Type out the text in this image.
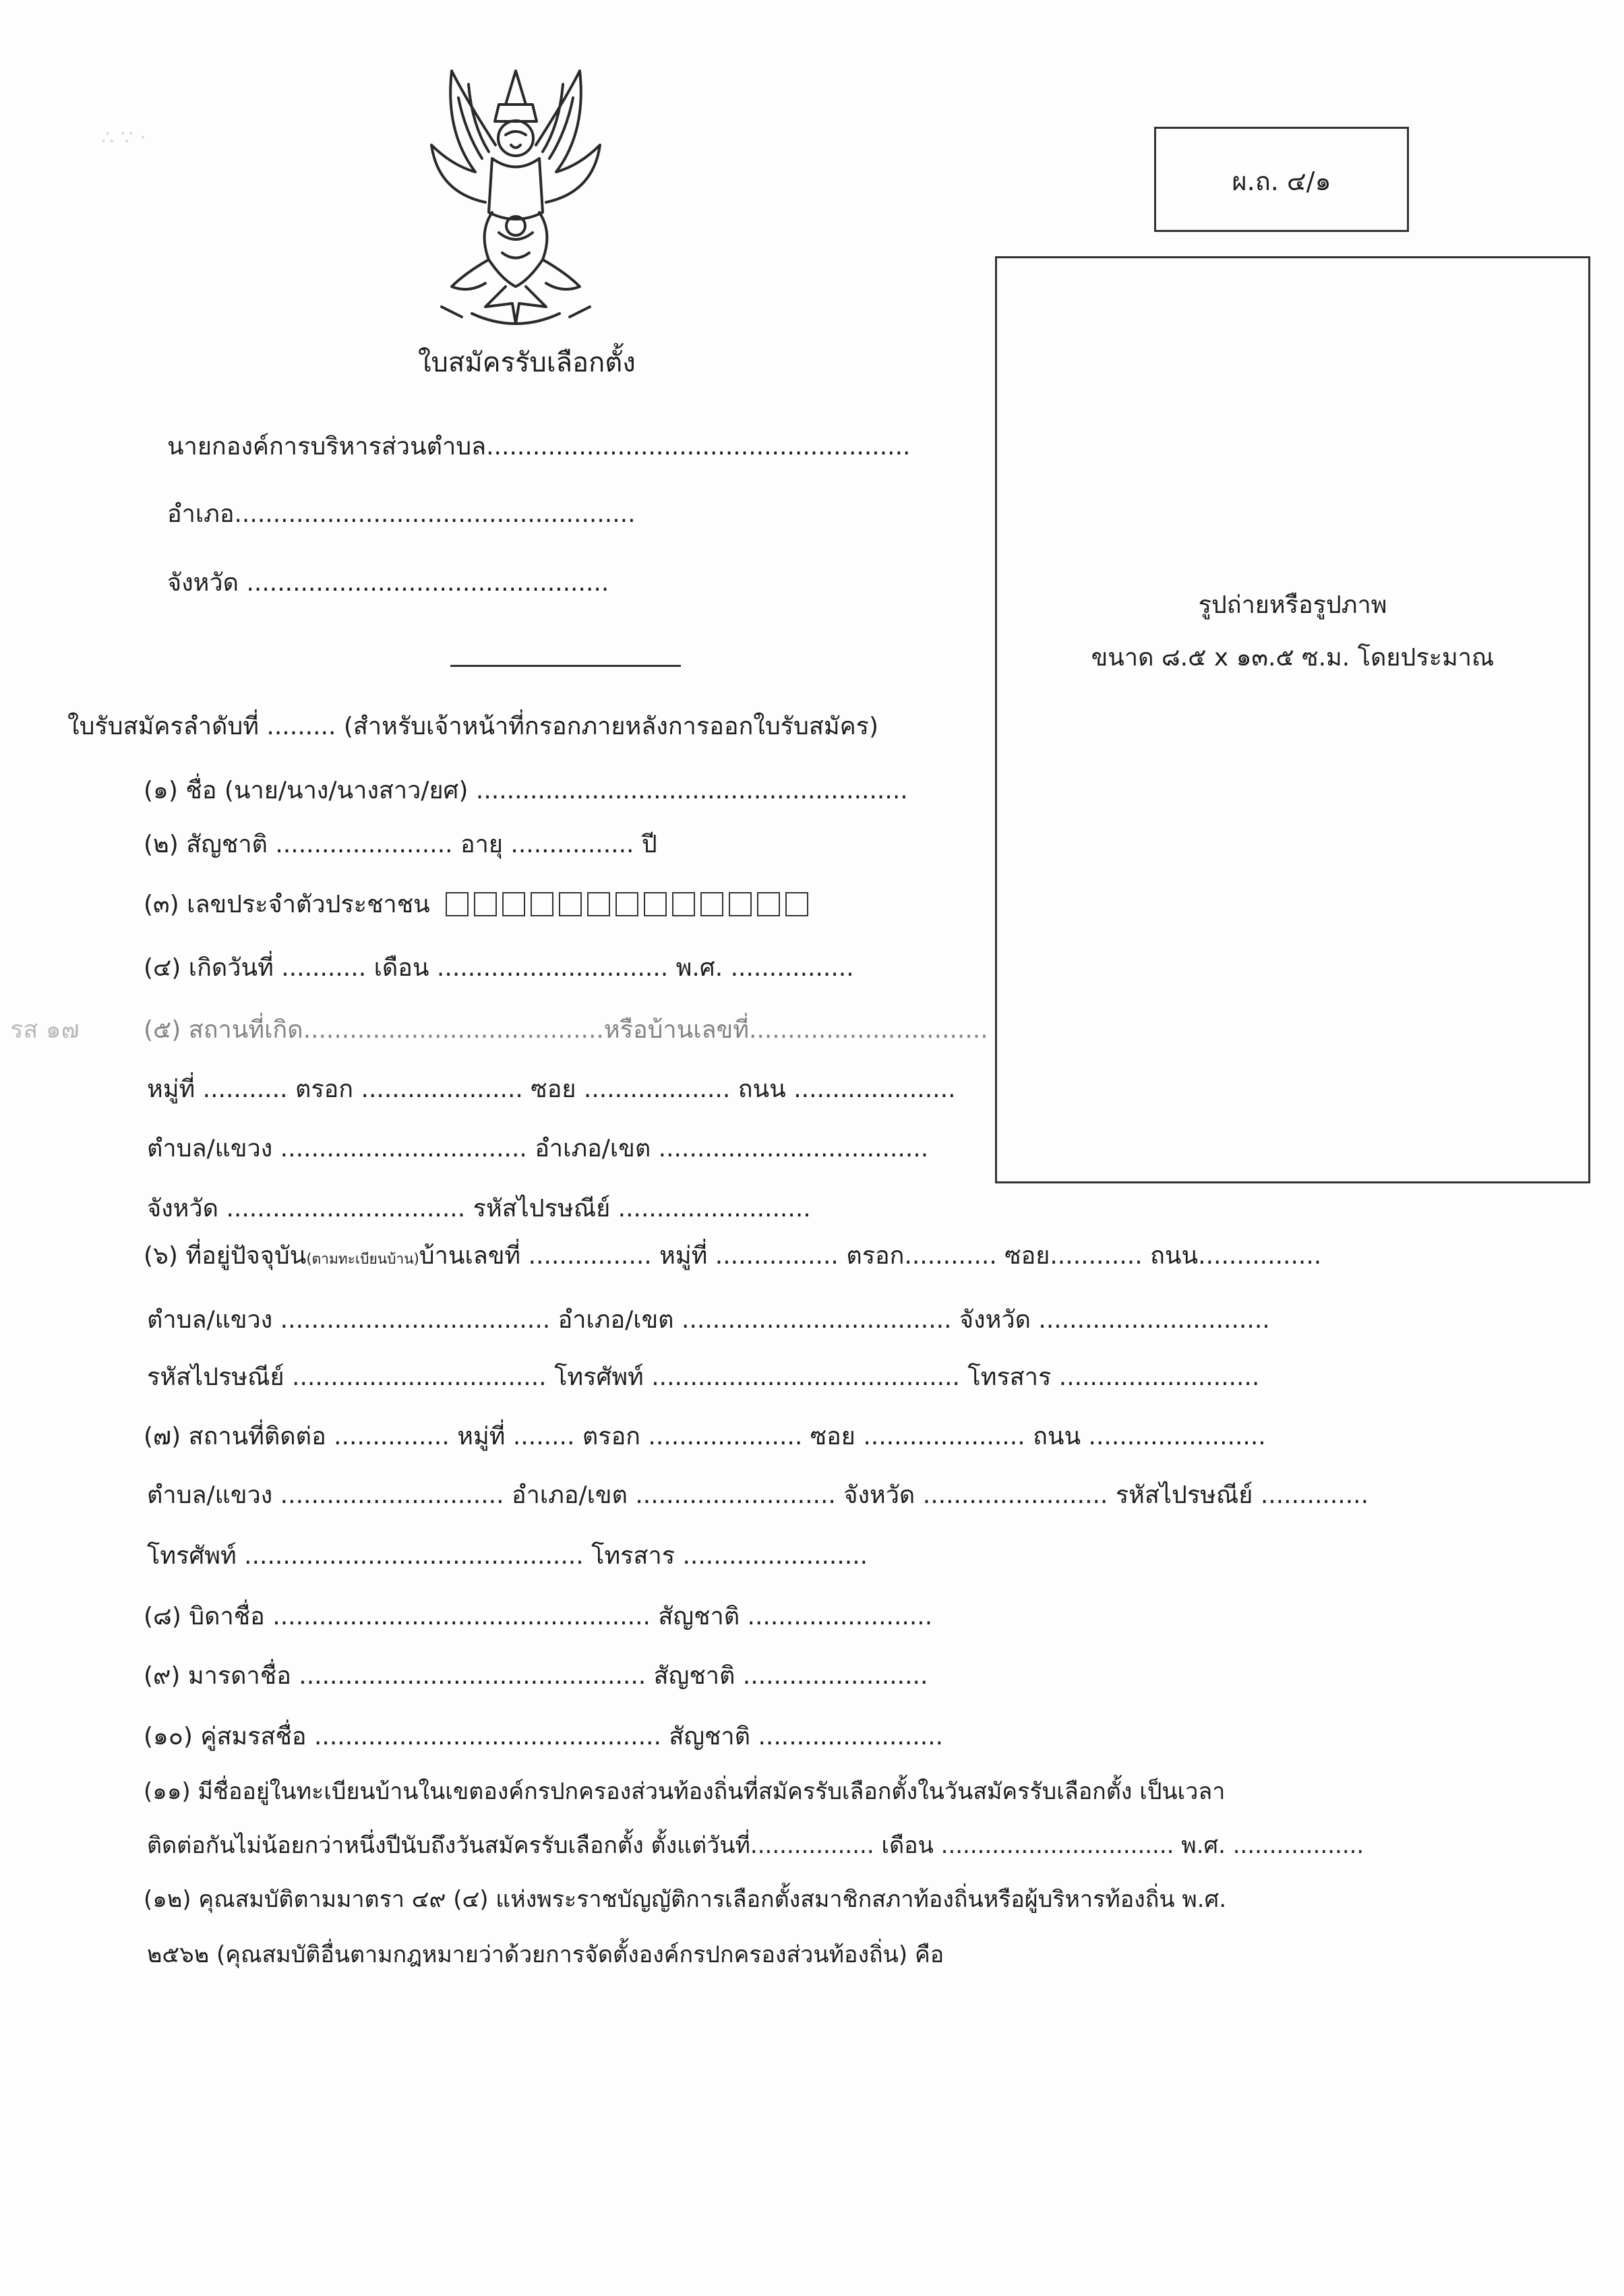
∴ ∵ ·
ผ.ถ. ๔/๑
รูปถ่ายหรือรูปภาพ
ขนาด ๘.๕ x ๑๓.๕ ซ.ม. โดยประมาณ
ใบสมัครรับเลือกตั้ง
นายกองค์การบริหารส่วนตำบล.......................................................
อำเภอ....................................................
จังหวัด ...............................................
ใบรับสมัครลำดับที่ ......... (สำหรับเจ้าหน้าที่กรอกภายหลังการออกใบรับสมัคร)
(๑) ชื่อ (นาย/นาง/นางสาว/ยศ) ........................................................
(๒) สัญชาติ ....................... อายุ ................ ปี
(๓) เลขประจำตัวประชาชน
(๔) เกิดวันที่ ........... เดือน .............................. พ.ศ. ................
รส ๑๗	(๕) สถานที่เกิด.......................................หรือบ้านเลขที่...............................
หมู่ที่ ........... ตรอก ..................... ซอย ................... ถนน .....................
ตำบล/แขวง ................................ อำเภอ/เขต ...................................
จังหวัด ............................... รหัสไปรษณีย์ .........................
(๖) ที่อยู่ปัจจุบัน(ตามทะเบียนบ้าน)บ้านเลขที่ ................ หมู่ที่ ................ ตรอก............ ซอย............ ถนน................
ตำบล/แขวง ................................... อำเภอ/เขต ................................... จังหวัด ..............................
รหัสไปรษณีย์ ................................. โทรศัพท์ ........................................ โทรสาร ..........................
(๗) สถานที่ติดต่อ ............... หมู่ที่ ........ ตรอก .................... ซอย ..................... ถนน .......................
ตำบล/แขวง ............................. อำเภอ/เขต .......................... จังหวัด ........................ รหัสไปรษณีย์ ..............
โทรศัพท์ ............................................ โทรสาร ........................
(๘) บิดาชื่อ ................................................. สัญชาติ ........................
(๙) มารดาชื่อ ............................................. สัญชาติ ........................
(๑๐) คู่สมรสชื่อ ............................................. สัญชาติ ........................
(๑๑) มีชื่ออยู่ในทะเบียนบ้านในเขตองค์กรปกครองส่วนท้องถิ่นที่สมัครรับเลือกตั้งในวันสมัครรับเลือกตั้ง เป็นเวลา
ติดต่อกันไม่น้อยกว่าหนึ่งปีนับถึงวันสมัครรับเลือกตั้ง ตั้งแต่วันที่................. เดือน ................................ พ.ศ. ..................
(๑๒) คุณสมบัติตามมาตรา ๔๙ (๔) แห่งพระราชบัญญัติการเลือกตั้งสมาชิกสภาท้องถิ่นหรือผู้บริหารท้องถิ่น พ.ศ.
๒๕๖๒ (คุณสมบัติอื่นตามกฎหมายว่าด้วยการจัดตั้งองค์กรปกครองส่วนท้องถิ่น) คือ
